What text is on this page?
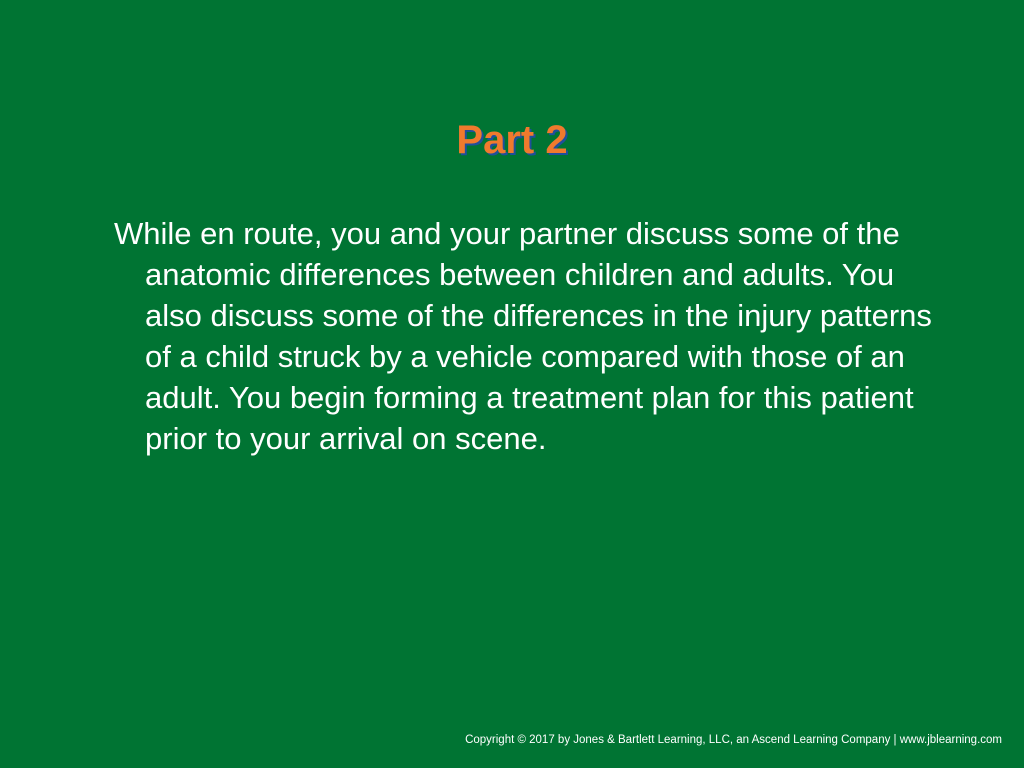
Part 2

While en route, you and your partner discuss some of the anatomic differences between children and adults. You also discuss some of the differences in the injury patterns of a child struck by a vehicle compared with those of an adult. You begin forming a treatment plan for this patient prior to your arrival on scene.

Copyright © 2017 by Jones & Bartlett Learning, LLC, an Ascend Learning Company | www.jblearning.com
